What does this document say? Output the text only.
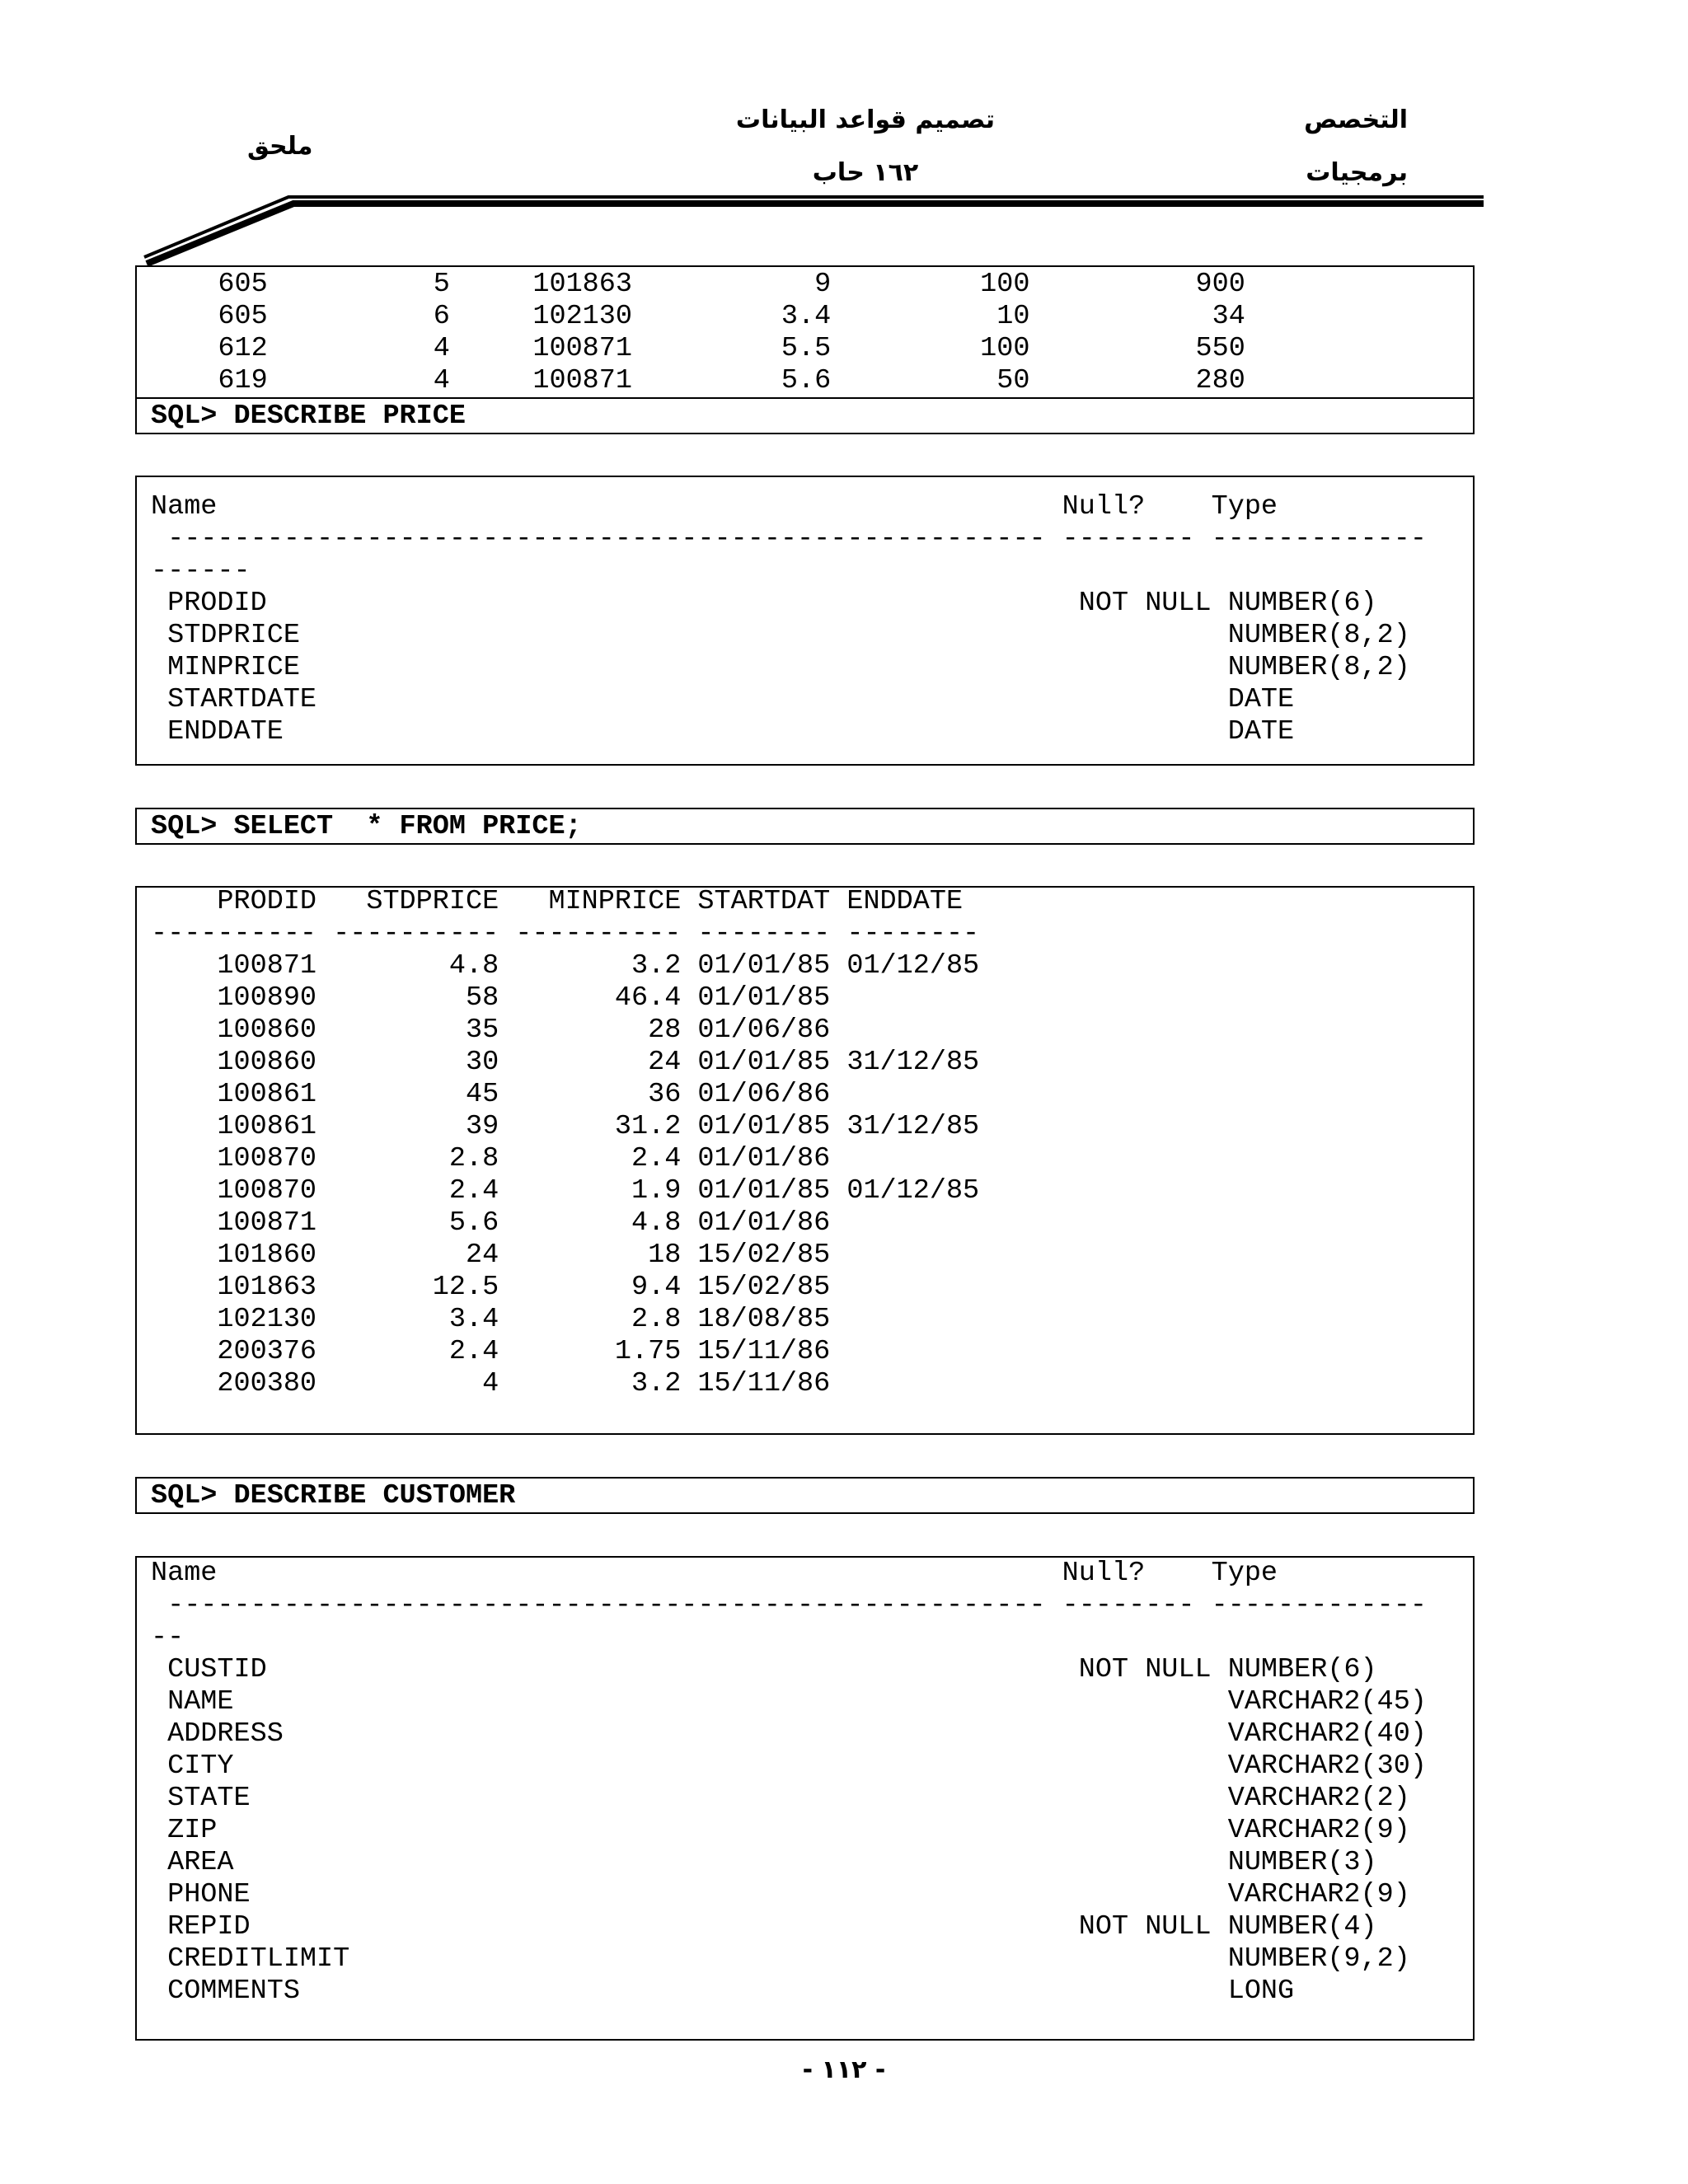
تصميم قواعد البيانات
١٦٢ حاب
التخصص
برمجيات
ملحق
605          5     101863           9         100          900
605          6     102130         3.4          10           34
612          4     100871         5.5         100          550
619          4     100871         5.6          50          280
SQL> DESCRIBE PRICE
Name                                                   Null?    Type
----------------------------------------------------- -------- -------------
------
PRODID                                                 NOT NULL NUMBER(6)
STDPRICE                                                        NUMBER(8,2)
MINPRICE                                                        NUMBER(8,2)
STARTDATE                                                       DATE
ENDDATE                                                         DATE
SQL> SELECT  * FROM PRICE;
PRODID   STDPRICE   MINPRICE STARTDAT ENDDATE
---------- ---------- ---------- -------- --------
100871        4.8        3.2 01/01/85 01/12/85
100890         58       46.4 01/01/85
100860         35         28 01/06/86
100860         30         24 01/01/85 31/12/85
100861         45         36 01/06/86
100861         39       31.2 01/01/85 31/12/85
100870        2.8        2.4 01/01/86
100870        2.4        1.9 01/01/85 01/12/85
100871        5.6        4.8 01/01/86
101860         24         18 15/02/85
101863       12.5        9.4 15/02/85
102130        3.4        2.8 18/08/85
200376        2.4       1.75 15/11/86
200380          4        3.2 15/11/86
SQL> DESCRIBE CUSTOMER
Name                                                   Null?    Type
----------------------------------------------------- -------- -------------
--
CUSTID                                                 NOT NULL NUMBER(6)
NAME                                                            VARCHAR2(45)
ADDRESS                                                         VARCHAR2(40)
CITY                                                            VARCHAR2(30)
STATE                                                           VARCHAR2(2)
ZIP                                                             VARCHAR2(9)
AREA                                                            NUMBER(3)
PHONE                                                           VARCHAR2(9)
REPID                                                  NOT NULL NUMBER(4)
CREDITLIMIT                                                     NUMBER(9,2)
COMMENTS                                                        LONG
- ١١٢ -
